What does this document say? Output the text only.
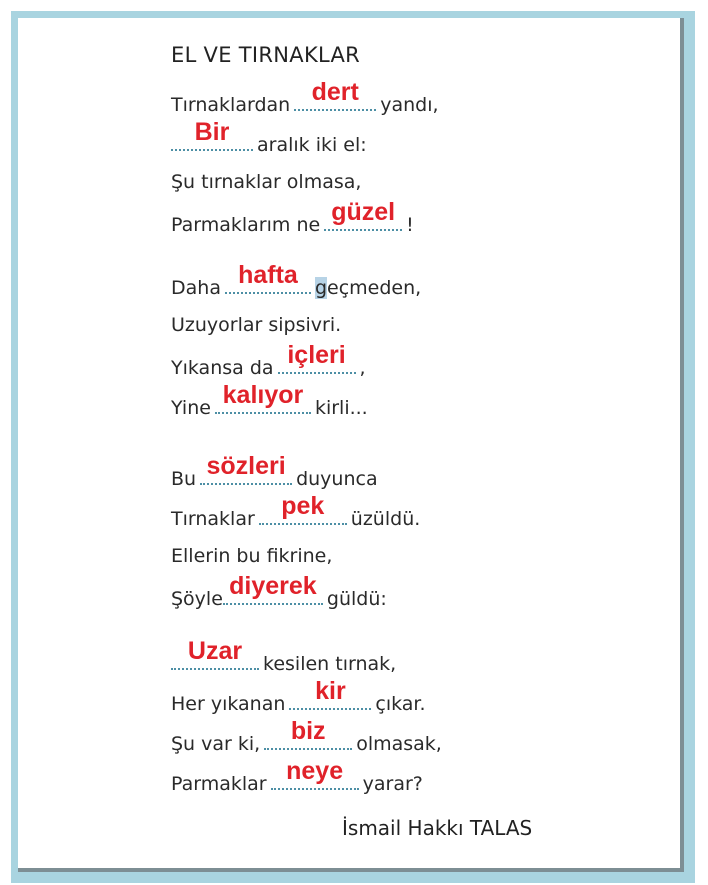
EL VE TIRNAKLAR
Tırnaklardan dert yandı,
Bir aralık iki el:
Şu tırnaklar olmasa,
Parmaklarım ne güzel !
Daha hafta geçmeden,
Uzuyorlar sipsivri.
Yıkansa da içleri ,
Yine kalıyor kirli...
Bu sözleri duyunca
Tırnaklar pek üzüldü.
Ellerin bu fikrine,
Şöyle diyerek güldü:
Uzar kesilen tırnak,
Her yıkanan kir çıkar.
Şu var ki, biz olmasak,
Parmaklar neye yarar?
İsmail Hakkı TALAS
